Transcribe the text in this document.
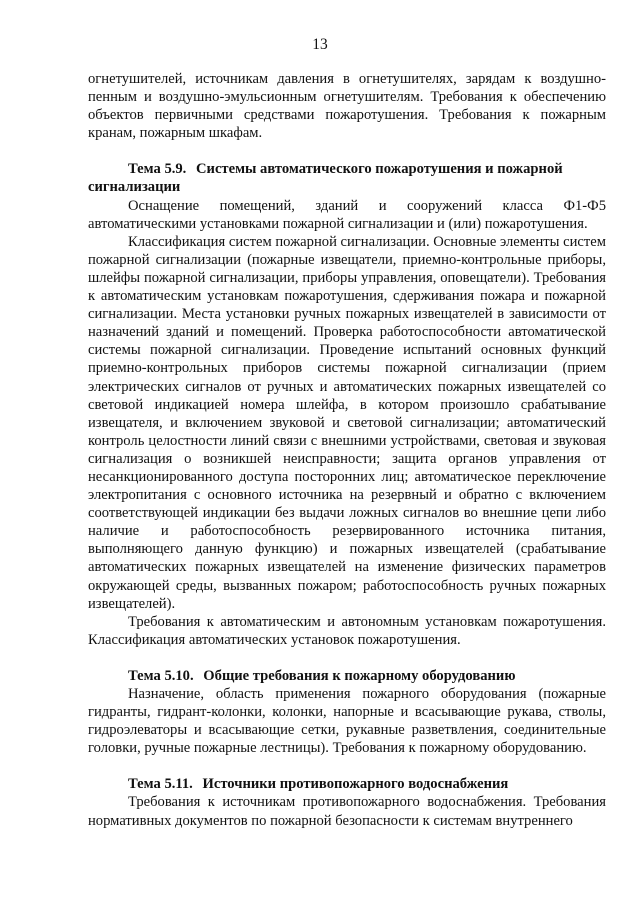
13

огнетушителей, источникам давления в огнетушителях, зарядам к воздушно-пенным и воздушно-эмульсионным огнетушителям. Требования к обеспечению объектов первичными средствами пожаротушения. Требования к пожарным кранам, пожарным шкафам.

Тема 5.9. Системы автоматического пожаротушения и пожарной сигнализации

Оснащение помещений, зданий и сооружений класса Ф1-Ф5 автоматическими установками пожарной сигнализации и (или) пожаротушения.

Классификация систем пожарной сигнализации. Основные элементы систем пожарной сигнализации (пожарные извещатели, приемно-контрольные приборы, шлейфы пожарной сигнализации, приборы управления, оповещатели). Требования к автоматическим установкам пожаротушения, сдерживания пожара и пожарной сигнализации. Места установки ручных пожарных извещателей в зависимости от назначений зданий и помещений. Проверка работоспособности автоматической системы пожарной сигнализации. Проведение испытаний основных функций приемно-контрольных приборов системы пожарной сигнализации (прием электрических сигналов от ручных и автоматических пожарных извещателей со световой индикацией номера шлейфа, в котором произошло срабатывание извещателя, и включением звуковой и световой сигнализации; автоматический контроль целостности линий связи с внешними устройствами, световая и звуковая сигнализация о возникшей неисправности; защита органов управления от несанкционированного доступа посторонних лиц; автоматическое переключение электропитания с основного источника на резервный и обратно с включением соответствующей индикации без выдачи ложных сигналов во внешние цепи либо наличие и работоспособность резервированного источника питания, выполняющего данную функцию) и пожарных извещателей (срабатывание автоматических пожарных извещателей на изменение физических параметров окружающей среды, вызванных пожаром; работоспособность ручных пожарных извещателей).

Требования к автоматическим и автономным установкам пожаротушения. Классификация автоматических установок пожаротушения.

Тема 5.10. Общие требования к пожарному оборудованию

Назначение, область применения пожарного оборудования (пожарные гидранты, гидрант-колонки, колонки, напорные и всасывающие рукава, стволы, гидроэлеваторы и всасывающие сетки, рукавные разветвления, соединительные головки, ручные пожарные лестницы). Требования к пожарному оборудованию.

Тема 5.11. Источники противопожарного водоснабжения

Требования к источникам противопожарного водоснабжения. Требования нормативных документов по пожарной безопасности к системам внутреннего
